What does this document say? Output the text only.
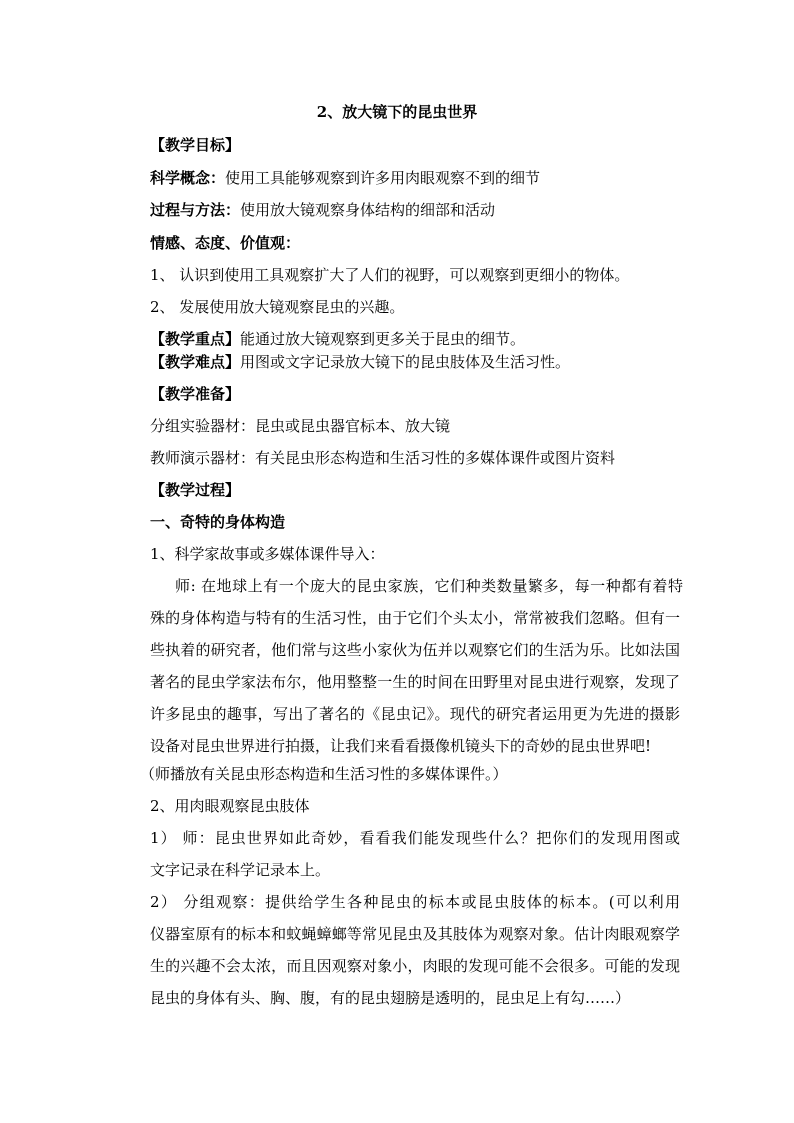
2、放大镜下的昆虫世界
【教学目标】
科学概念：使用工具能够观察到许多用肉眼观察不到的细节
过程与方法：使用放大镜观察身体结构的细部和活动
情感、态度、价值观：
1、 认识到使用工具观察扩大了人们的视野，可以观察到更细小的物体。
2、 发展使用放大镜观察昆虫的兴趣。
【教学重点】能通过放大镜观察到更多关于昆虫的细节。
【教学难点】用图或文字记录放大镜下的昆虫肢体及生活习性。
【教学准备】
分组实验器材：昆虫或昆虫器官标本、放大镜
教师演示器材：有关昆虫形态构造和生活习性的多媒体课件或图片资料
【教学过程】
一、奇特的身体构造
1、科学家故事或多媒体课件导入：
师: 在地球上有一个庞大的昆虫家族，它们种类数量繁多，每一种都有着特
殊的身体构造与特有的生活习性，由于它们个头太小，常常被我们忽略。但有一
些执着的研究者，他们常与这些小家伙为伍并以观察它们的生活为乐。比如法国
著名的昆虫学家法布尔，他用整整一生的时间在田野里对昆虫进行观察，发现了
许多昆虫的趣事，写出了著名的《昆虫记》。现代的研究者运用更为先进的摄影
设备对昆虫世界进行拍摄，让我们来看看摄像机镜头下的奇妙的昆虫世界吧!
（师播放有关昆虫形态构造和生活习性的多媒体课件。）
2、用肉眼观察昆虫肢体
1） 师：昆虫世界如此奇妙，看看我们能发现些什么？把你们的发现用图或
文字记录在科学记录本上。
2） 分组观察：提供给学生各种昆虫的标本或昆虫肢体的标本。(可以利用
仪器室原有的标本和蚊蝇蟑螂等常见昆虫及其肢体为观察对象。估计肉眼观察学
生的兴趣不会太浓，而且因观察对象小，肉眼的发现可能不会很多。可能的发现
昆虫的身体有头、胸、腹，有的昆虫翅膀是透明的，昆虫足上有勾……）
